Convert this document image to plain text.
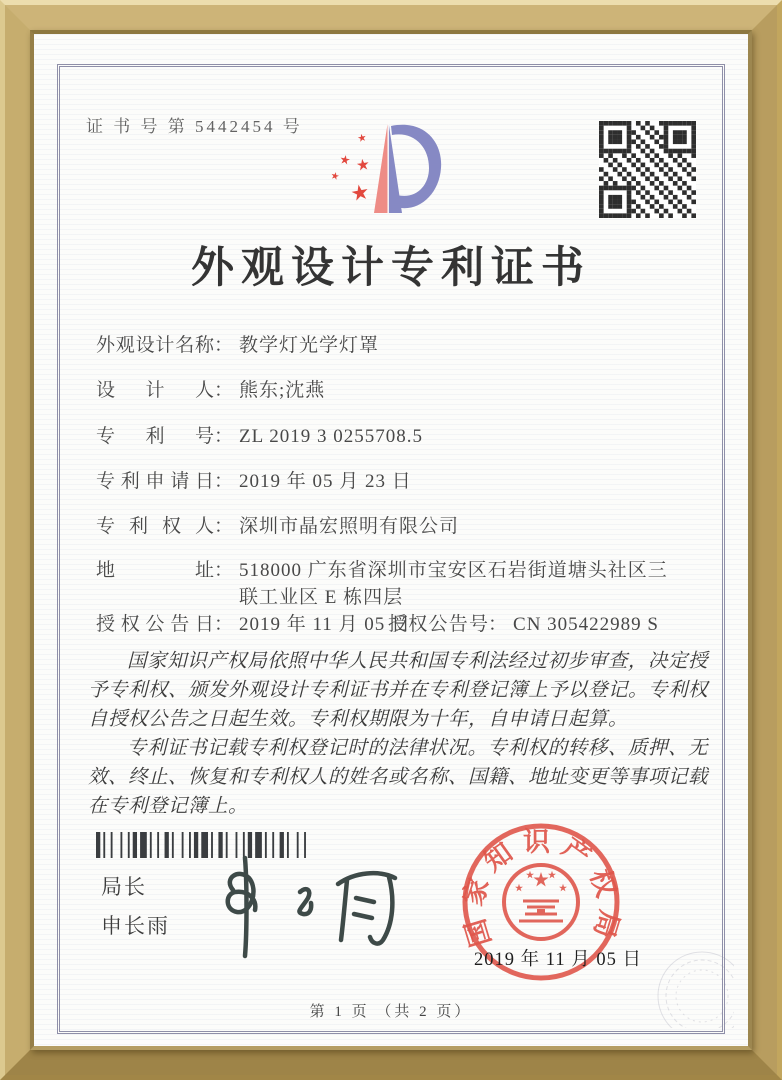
证 书 号 第 5442454 号
外观设计专利证书
外观设计名称 ： 教学灯光学灯罩
设计人 ： 熊东;沈燕
专利号 ： ZL 2019 3 0255708.5
专利申请日 ： 2019 年 05 月 23 日
专利权人 ： 深圳市晶宏照明有限公司
地址 ： 518000 广东省深圳市宝安区石岩街道塘头社区三联工业区 E 栋四层
授权公告日 ： 2019 年 11 月 05 日
授权公告号 ： CN 305422989 S

国家知识产权局依照中华人民共和国专利法经过初步审查，决定授予专利权、颁发外观设计专利证书并在专利登记簿上予以登记。专利权自授权公告之日起生效。专利权期限为十年，自申请日起算。

专利证书记载专利权登记时的法律状况。专利权的转移、质押、无效、终止、恢复和专利权人的姓名或名称、国籍、地址变更等事项记载在专利登记簿上。

局长
申长雨	国家知识产权局
2019 年 11 月 05 日
第 1 页 （共 2 页）
